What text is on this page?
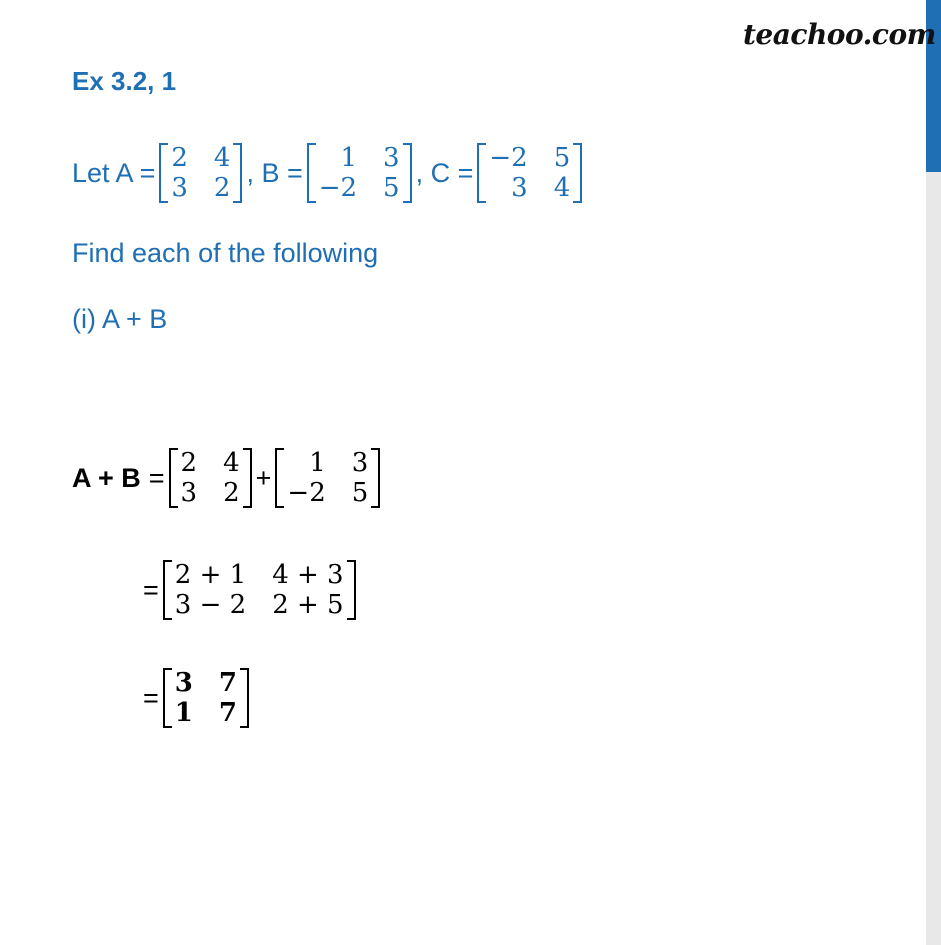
teachoo.com
Ex 3.2, 1
Let A = 2 4
3 2
, B =	1 3
−2 5
, C = −2 5
3 4
Find each of the following
(i) A + B
A + B = 2 4
3 2
+	1 3
−2 5
= 2 + 1 4 + 3
3 − 2 2 + 5
= 3 7
1 7
